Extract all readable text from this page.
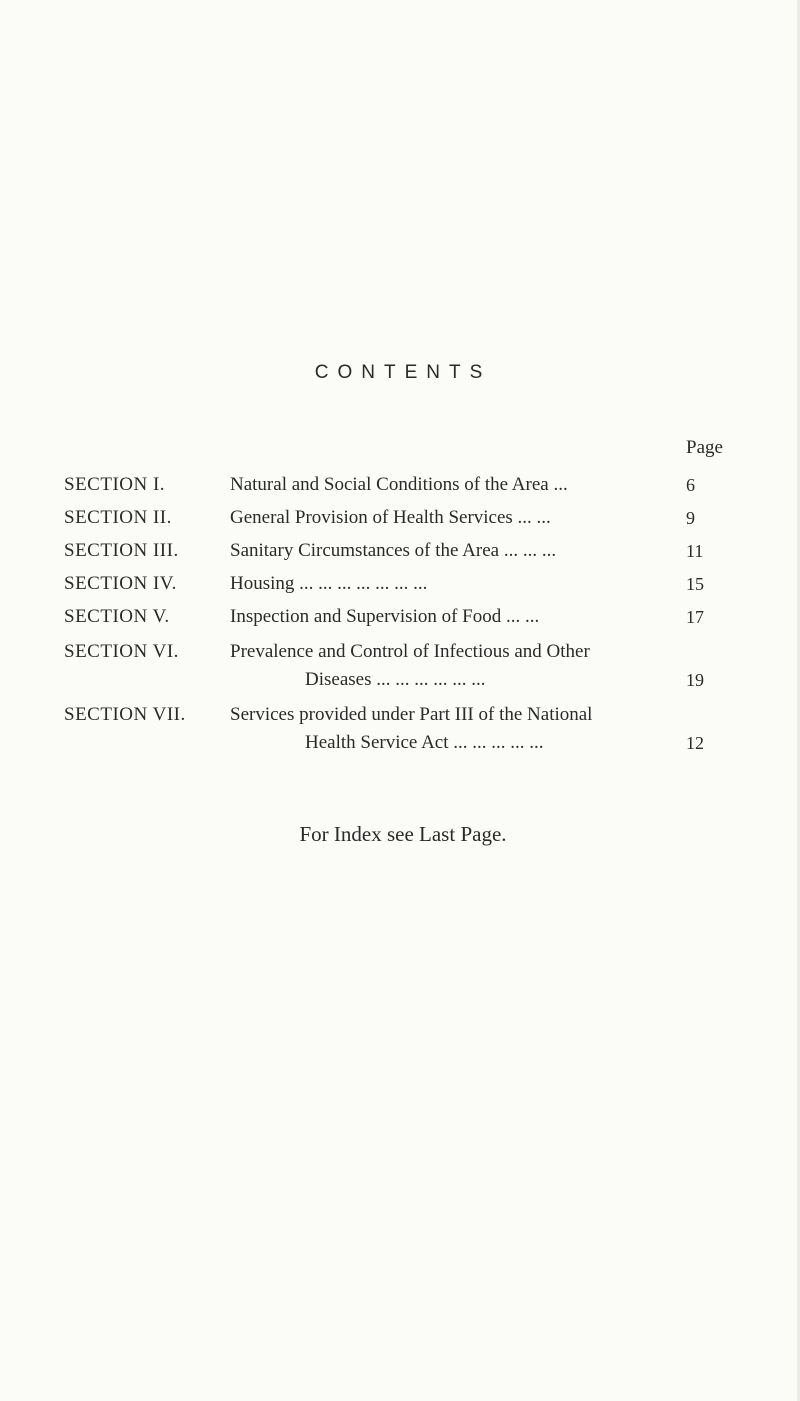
CONTENTS
Page
SECTION I.	Natural and Social Conditions of the Area ...	6
SECTION II.	General Provision of Health Services ... ...	9
SECTION III.	Sanitary Circumstances of the Area ... ... ...	11
SECTION IV.	Housing ... ... ... ... ... ... ...	15
SECTION V.	Inspection and Supervision of Food ... ...	17
SECTION VI.	Prevalence and Control of Infectious and Other
Diseases ... ... ... ... ... ...	19
SECTION VII. Services provided under Part III of the National
Health Service Act ... ... ... ... ...	12
For Index see Last Page.
